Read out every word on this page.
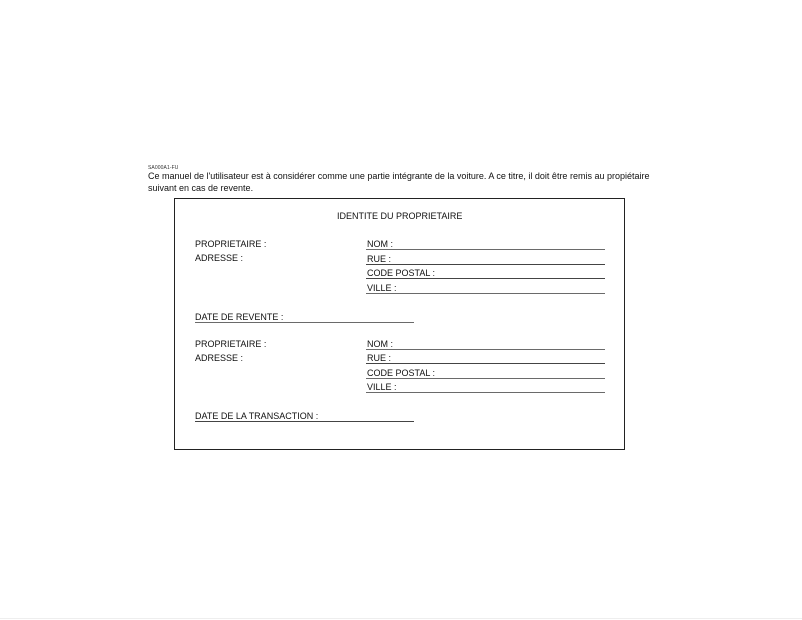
SA000A1-FU
Ce manuel de l'utilisateur est à considérer comme une partie intégrante de la voiture. A ce titre, il doit être remis au propiétaire suivant en cas de revente.
IDENTITE DU PROPRIETAIRE
PROPRIETAIRE :
ADRESSE :
NOM :
RUE :
CODE POSTAL :
VILLE :
DATE DE REVENTE :
PROPRIETAIRE :
ADRESSE :
NOM :
RUE :
CODE POSTAL :
VILLE :
DATE DE LA TRANSACTION :
